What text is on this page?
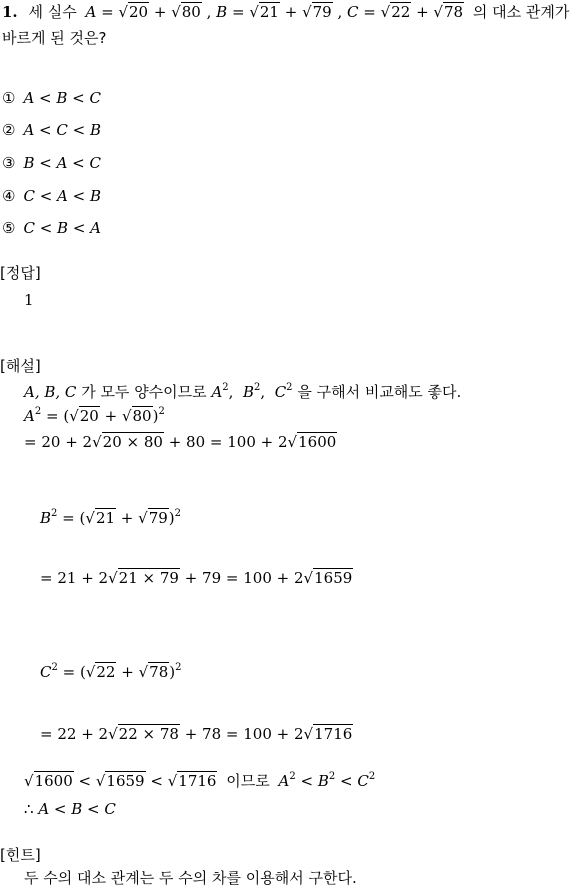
1. 세 실수 A = √20 + √80 , B = √21 + √79 , C = √22 + √78 의 대소 관계가
바르게 된 것은?
① A < B < C
② A < C < B
③ B < A < C
④ C < A < B
⑤ C < B < A
[정답]
1
[해설]
A, B, C 가 모두 양수이므로 $A^2$,  $B^2$,  $C^2$ 을 구해서 비교해도 좋다.
$A^2 = (√20 + √80)^2$
= 20 + 2√20 × 80 + 80 = 100 + 2√1600
$B^2 = (√21 + √79)^2$
= 21 + 2√21 × 79 + 79 = 100 + 2√1659
$C^2 = (√22 + √78)^2$
= 22 + 2√22 × 78 + 78 = 100 + 2√1716
√1600 < √1659 < √1716 이므로 $A^2 < B^2 < C^2$
∴ A < B < C
[힌트]
두 수의 대소 관계는 두 수의 차를 이용해서 구한다.
